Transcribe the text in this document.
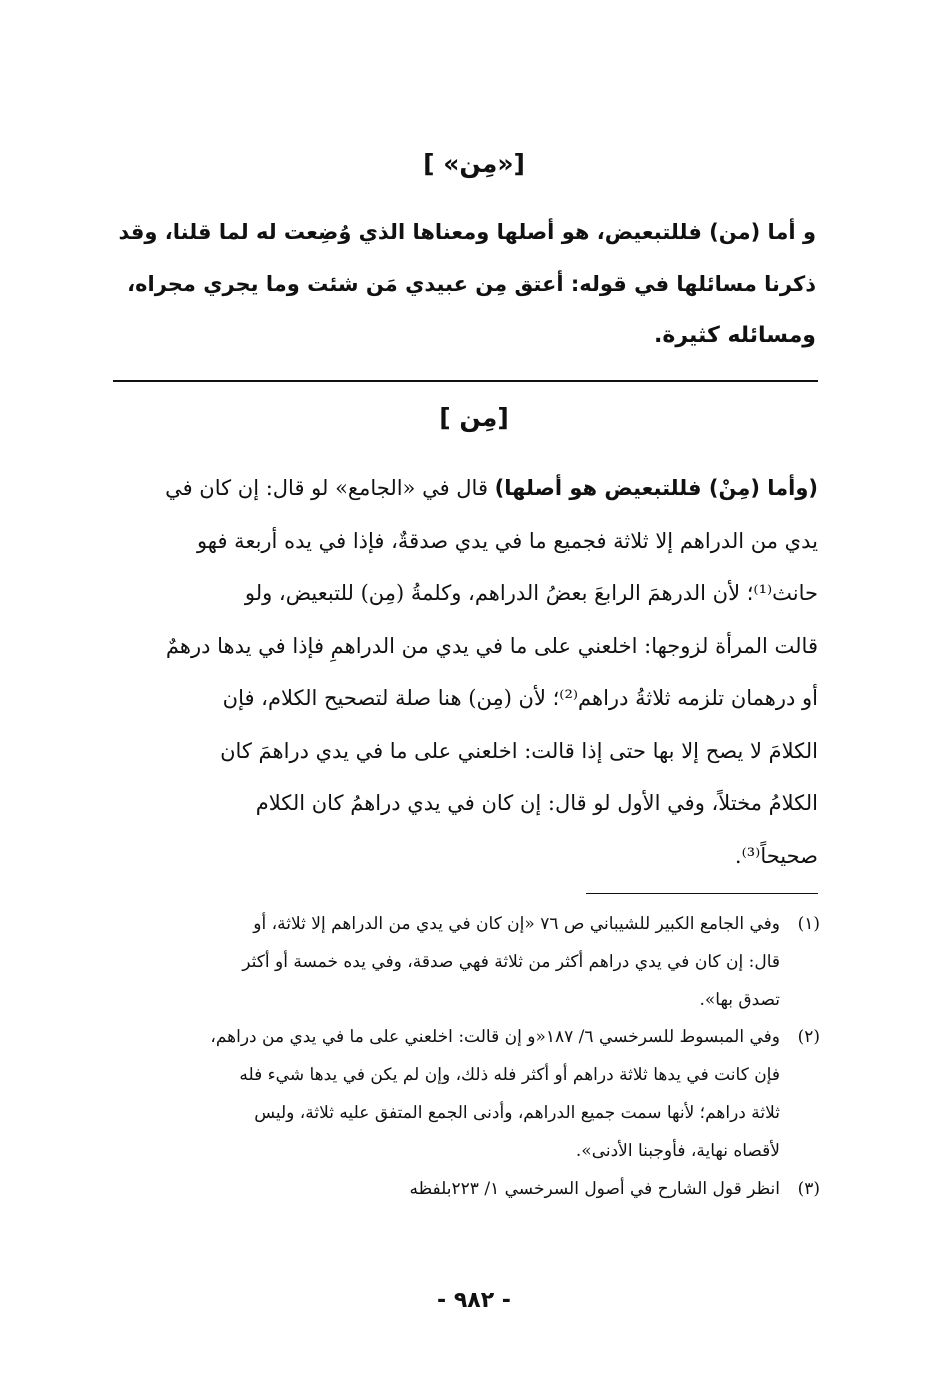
[«مِن» ]
و أما (من) فللتبعيض، هو أصلها ومعناها الذي وُضِعت له لما قلنا، وقد
ذكرنا مسائلها في قوله: أعتق مِن عبيدي مَن شئت وما يجري مجراه،
ومسائله كثيرة.
[مِن ]
(وأما (مِنْ) فللتبعيض هو أصلها) قال في «الجامع» لو قال: إن كان في
يدي من الدراهم إلا ثلاثة فجميع ما في يدي صدقةٌ، فإذا في يده أربعة فهو
حانث⁽¹⁾؛ لأن الدرهمَ الرابعَ بعضُ الدراهم، وكلمةُ (مِن) للتبعيض، ولو
قالت المرأة لزوجها: اخلعني على ما في يدي من الدراهمِ فإذا في يدها درهمٌ
أو درهمان تلزمه ثلاثةُ دراهم⁽²⁾؛ لأن (مِن) هنا صلة لتصحيح الكلام، فإن
الكلامَ لا يصح إلا بها حتى إذا قالت: اخلعني على ما في يدي دراهمَ كان
الكلامُ مختلاً، وفي الأول لو قال: إن كان في يدي دراهمُ كان الكلام
صحيحاً⁽³⁾.
(١)
وفي الجامع الكبير للشيباني ص ٧٦ «إن كان في يدي من الدراهم إلا ثلاثة، أو
قال: إن كان في يدي دراهم أكثر من ثلاثة فهي صدقة، وفي يده خمسة أو أكثر
تصدق بها».
(٢)
وفي المبسوط للسرخسي ٦/ ١٨٧«و إن قالت: اخلعني على ما في يدي من دراهم،
فإن كانت في يدها ثلاثة دراهم أو أكثر فله ذلك، وإن لم يكن في يدها شيء فله
ثلاثة دراهم؛ لأنها سمت جميع الدراهم، وأدنى الجمع المتفق عليه ثلاثة، وليس
لأقصاه نهاية، فأوجبنا الأدنى».
(٣)
انظر قول الشارح في أصول السرخسي ١/ ٢٢٣بلفظه
- ٩٨٢ -
